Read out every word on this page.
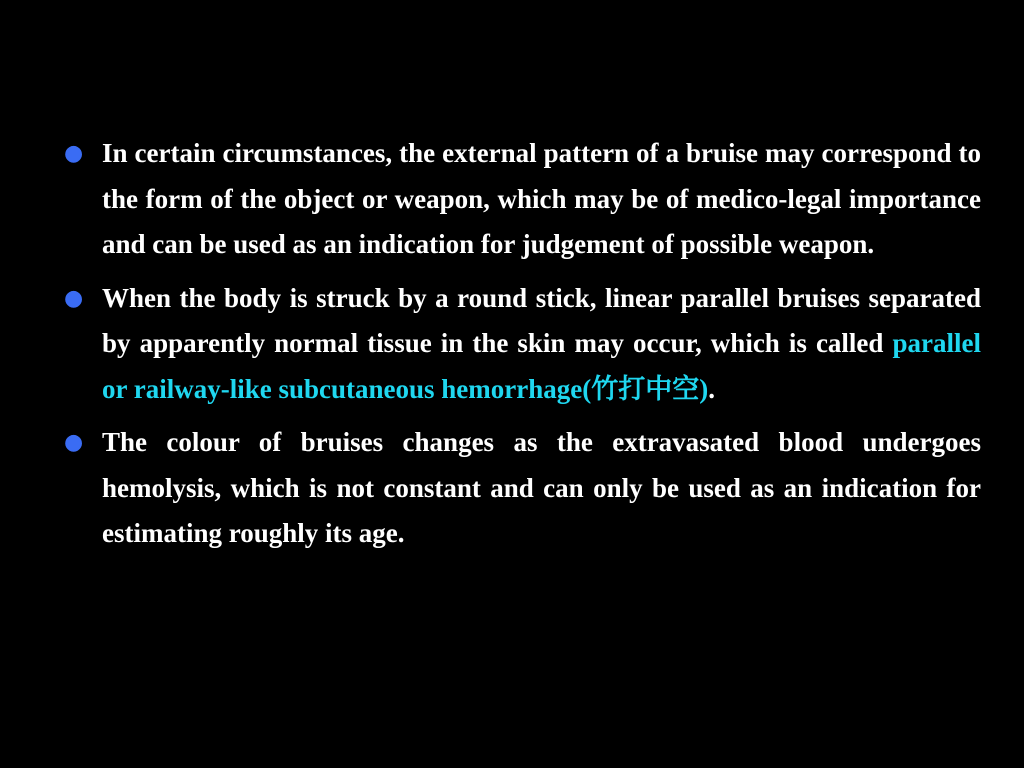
● In certain circumstances, the external pattern of a bruise may correspond to the form of the object or weapon, which may be of medico-legal importance and can be used as an indication for judgement of possible weapon.
● When the body is struck by a round stick, linear parallel bruises separated by apparently normal tissue in the skin may occur, which is called parallel or railway-like subcutaneous hemorrhage(竹打中空).
● The colour of bruises changes as the extravasated blood undergoes hemolysis, which is not constant and can only be used as an indication for estimating roughly its age.
